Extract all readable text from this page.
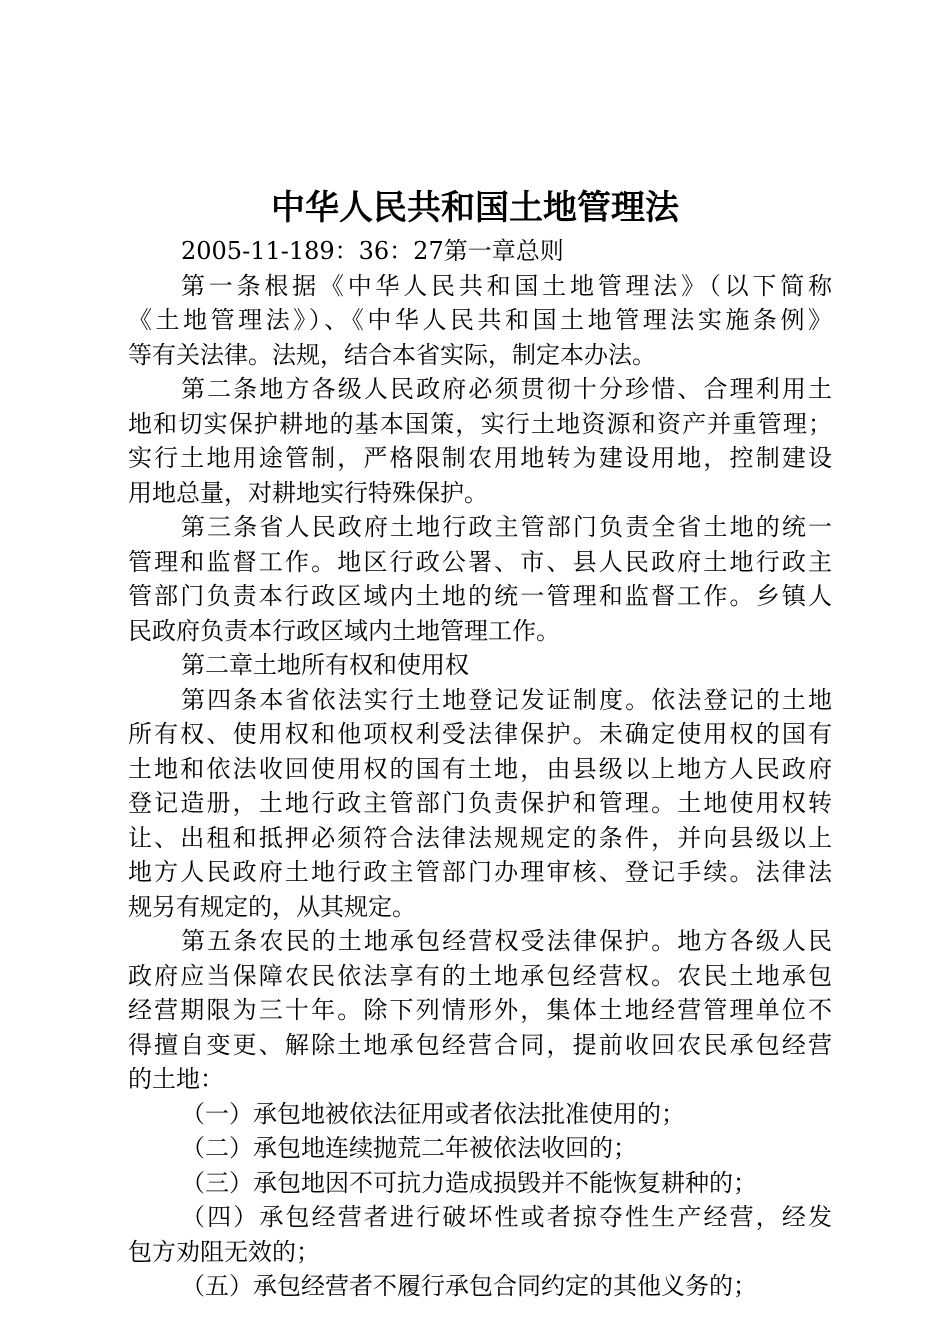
中华人民共和国土地管理法

2005-11-189：36：27第一章总则

第一条根据《中华人民共和国土地管理法》（以下简称

《土地管理法》）、《中华人民共和国土地管理法实施条例》

等有关法律。法规，结合本省实际，制定本办法。

第二条地方各级人民政府必须贯彻十分珍惜、合理利用土

地和切实保护耕地的基本国策，实行土地资源和资产并重管理；

实行土地用途管制，严格限制农用地转为建设用地，控制建设

用地总量，对耕地实行特殊保护。

第三条省人民政府土地行政主管部门负责全省土地的统一

管理和监督工作。地区行政公署、市、县人民政府土地行政主

管部门负责本行政区域内土地的统一管理和监督工作。乡镇人

民政府负责本行政区域内土地管理工作。

第二章土地所有权和使用权

第四条本省依法实行土地登记发证制度。依法登记的土地

所有权、使用权和他项权利受法律保护。未确定使用权的国有

土地和依法收回使用权的国有土地，由县级以上地方人民政府

登记造册，土地行政主管部门负责保护和管理。土地使用权转

让、出租和抵押必须符合法律法规规定的条件，并向县级以上

地方人民政府土地行政主管部门办理审核、登记手续。法律法

规另有规定的，从其规定。

第五条农民的土地承包经营权受法律保护。地方各级人民

政府应当保障农民依法享有的土地承包经营权。农民土地承包

经营期限为三十年。除下列情形外，集体土地经营管理单位不

得擅自变更、解除土地承包经营合同，提前收回农民承包经营

的土地：

（一）承包地被依法征用或者依法批准使用的；

（二）承包地连续抛荒二年被依法收回的；

（三）承包地因不可抗力造成损毁并不能恢复耕种的；

（四）承包经营者进行破坏性或者掠夺性生产经营，经发

包方劝阻无效的；

（五）承包经营者不履行承包合同约定的其他义务的；
